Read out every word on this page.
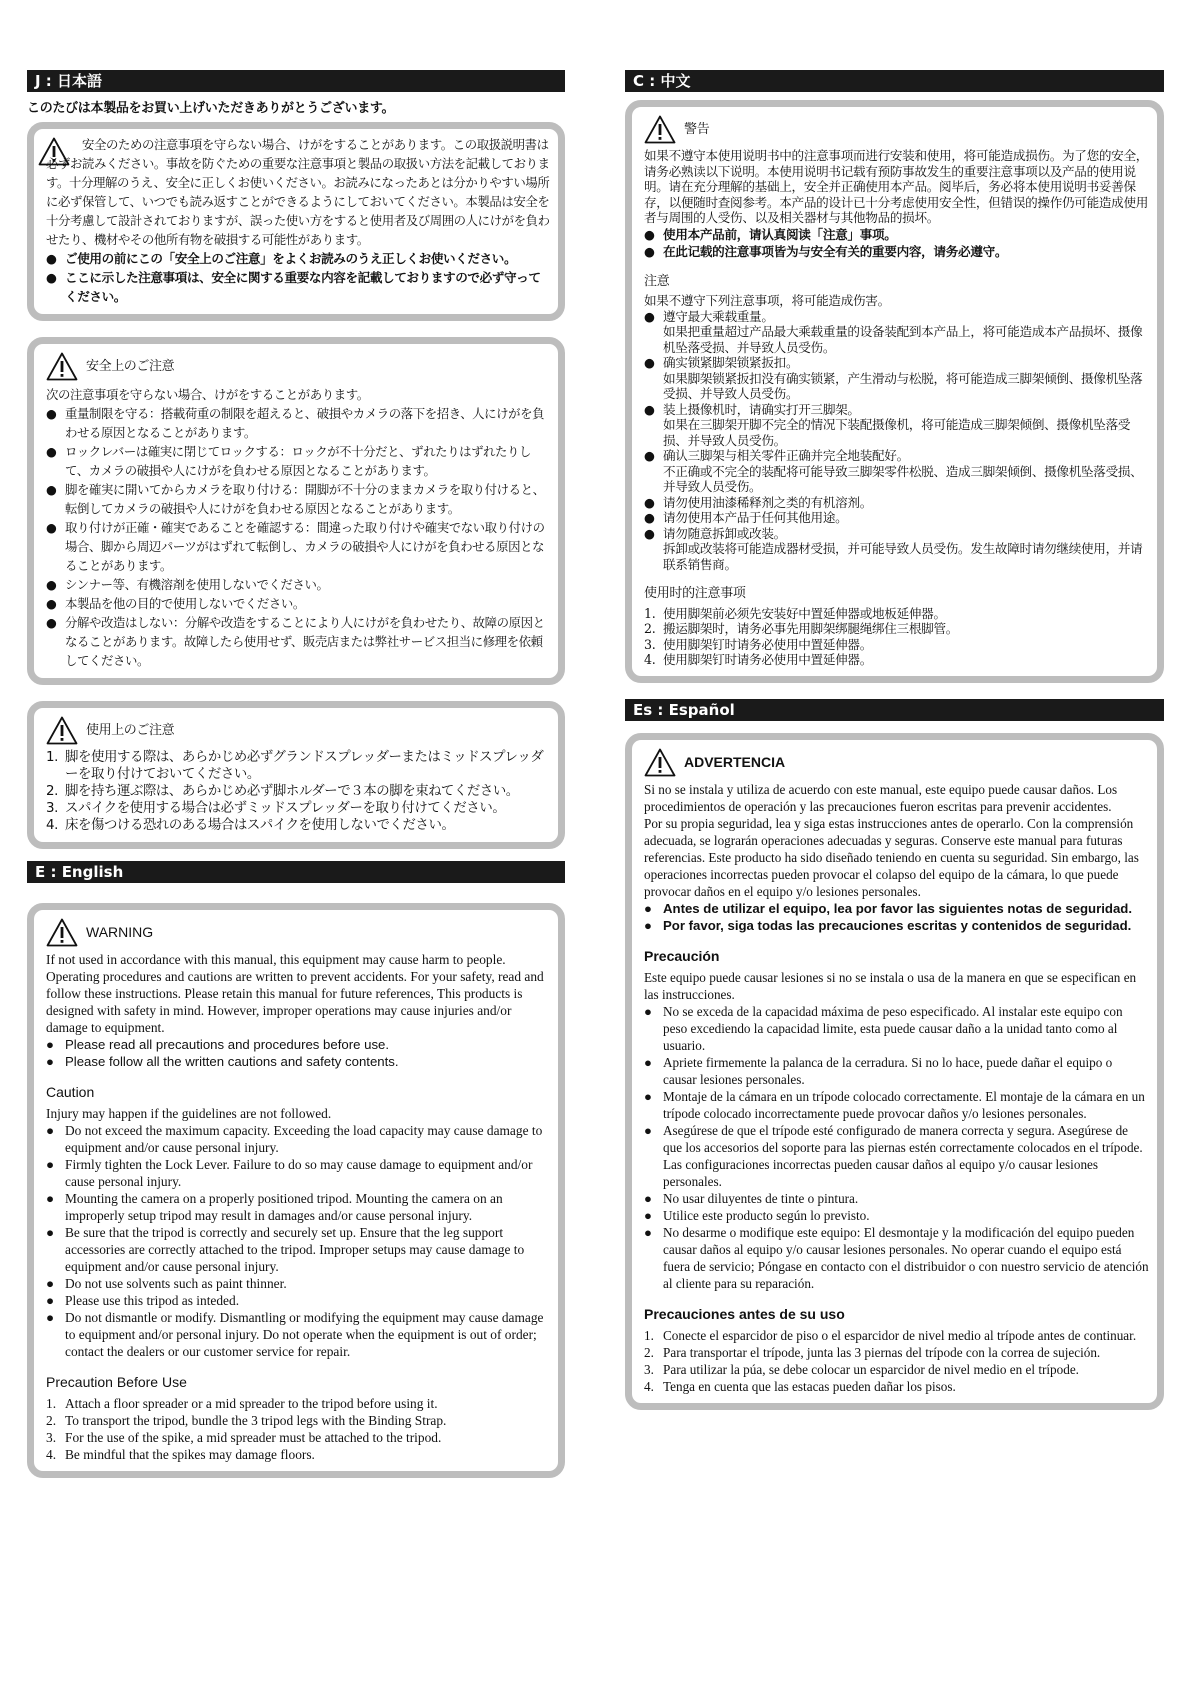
J : 日本語
このたびは本製品をお買い上げいただきありがとうございます。

安全のための注意事項を守らない場合、けがをすることがあります。この取扱説明書は必ずお読みください。事故を防ぐための重要な注意事項と製品の取扱い方法を記載しております。十分理解のうえ、安全に正しくお使いください。お読みになったあとは分かりやすい場所に必ず保管して、いつでも読み返すことができるようにしておいてください。本製品は安全を十分考慮して設計されておりますが、誤った使い方をすると使用者及び周囲の人にけがを負わせたり、機材やその他所有物を破損する可能性があります。

● ご使用の前にこの「安全上のご注意」をよくお読みのうえ正しくお使いください。
● ここに示した注意事項は、安全に関する重要な内容を記載しておりますので必ず守ってください。
安全上のご注意

次の注意事項を守らない場合、けがをすることがあります。

● 重量制限を守る：搭載荷重の制限を超えると、破損やカメラの落下を招き、人にけがを負わせる原因となることがあります。
● ロックレバーは確実に閉じてロックする：ロックが不十分だと、ずれたりはずれたりして、カメラの破損や人にけがを負わせる原因となることがあります。
● 脚を確実に開いてからカメラを取り付ける：開脚が不十分のままカメラを取り付けると、転倒してカメラの破損や人にけがを負わせる原因となることがあります。
● 取り付けが正確・確実であることを確認する：間違った取り付けや確実でない取り付けの場合、脚から周辺パーツがはずれて転倒し、カメラの破損や人にけがを負わせる原因となることがあります。
● シンナー等、有機溶剤を使用しないでください。
● 本製品を他の目的で使用しないでください。
● 分解や改造はしない：分解や改造をすることにより人にけがを負わせたり、故障の原因となることがあります。故障したら使用せず、販売店または弊社サービス担当に修理を依頼してください。
使用上のご注意
1. 脚を使用する際は、あらかじめ必ずグランドスプレッダーまたはミッドスプレッダーを取り付けておいてください。
2. 脚を持ち運ぶ際は、あらかじめ必ず脚ホルダーで３本の脚を束ねてください。
3. スパイクを使用する場合は必ずミッドスプレッダーを取り付けてください。
4. 床を傷つける恐れのある場合はスパイクを使用しないでください。
E : English
WARNING

If not used in accordance with this manual, this equipment may cause harm to people. Operating procedures and cautions are written to prevent accidents. For your safety, read and follow these instructions. Please retain this manual for future references, This products is designed with safety in mind. However, improper operations may cause injuries and/or damage to equipment.

● Please read all precautions and procedures before use.
● Please follow all the written cautions and safety contents.
Caution

Injury may happen if the guidelines are not followed.

● Do not exceed the maximum capacity. Exceeding the load capacity may cause damage to equipment and/or cause personal injury.
● Firmly tighten the Lock Lever. Failure to do so may cause damage to equipment and/or cause personal injury.
● Mounting the camera on a properly positioned tripod. Mounting the camera on an improperly setup tripod may result in damages and/or cause personal injury.
● Be sure that the tripod is correctly and securely set up. Ensure that the leg support accessories are correctly attached to the tripod. Improper setups may cause damage to equipment and/or cause personal injury.
● Do not use solvents such as paint thinner.
● Please use this tripod as inteded.
● Do not dismantle or modify. Dismantling or modifying the equipment may cause damage to equipment and/or personal injury. Do not operate when the equipment is out of order; contact the dealers or our customer service for repair.
Precaution Before Use
1. Attach a floor spreader or a mid spreader to the tripod before using it.
2. To transport the tripod, bundle the 3 tripod legs with the Binding Strap.
3. For the use of the spike, a mid spreader must be attached to the tripod.
4. Be mindful that the spikes may damage floors.
C : 中文
警告

如果不遵守本使用说明书中的注意事项而进行安装和使用，将可能造成损伤。为了您的安全，请务必熟读以下说明。本使用说明书记载有预防事故发生的重要注意事项以及产品的使用说明。请在充分理解的基础上，安全并正确使用本产品。阅毕后，务必将本使用说明书妥善保存，以便随时查阅参考。本产品的设计已十分考虑使用安全性，但错误的操作仍可能造成使用者与周围的人受伤、以及相关器材与其他物品的损坏。

● 使用本产品前，请认真阅读「注意」事项。
● 在此记载的注意事项皆为与安全有关的重要内容，请务必遵守。
注意

如果不遵守下列注意事项，将可能造成伤害。

● 遵守最大乘载重量。
如果把重量超过产品最大乘载重量的设备装配到本产品上，将可能造成本产品损坏、摄像机坠落受损、并导致人员受伤。
● 确实锁紧脚架锁紧扳扣。
如果脚架锁紧扳扣没有确实锁紧，产生滑动与松脱，将可能造成三脚架倾倒、摄像机坠落受损、并导致人员受伤。
● 装上摄像机时，请确实打开三脚架。
如果在三脚架开脚不完全的情况下装配摄像机，将可能造成三脚架倾倒、摄像机坠落受损、并导致人员受伤。
● 确认三脚架与相关零件正确并完全地装配好。
不正确或不完全的装配将可能导致三脚架零件松脱、造成三脚架倾倒、摄像机坠落受损、并导致人员受伤。
● 请勿使用油漆稀释剂之类的有机溶剂。
● 请勿使用本产品于任何其他用途。
● 请勿随意拆卸或改装。
拆卸或改装将可能造成器材受损，并可能导致人员受伤。发生故障时请勿继续使用，并请联系销售商。
使用时的注意事项
1. 使用脚架前必须先安装好中置延伸器或地板延伸器。
2. 搬运脚架时，请务必事先用脚架绑腿绳绑住三根脚管。
3. 使用脚架钉时请务必使用中置延伸器。
4. 使用脚架钉时请务必使用中置延伸器。
Es : Español
ADVERTENCIA

Si no se instala y utiliza de acuerdo con este manual, este equipo puede causar daños. Los procedimientos de operación y las precauciones fueron escritas para prevenir accidentes.

Por su propia seguridad, lea y siga estas instrucciones antes de operarlo. Con la comprensión adecuada, se lograrán operaciones adecuadas y seguras. Conserve este manual para futuras referencias. Este producto ha sido diseñado teniendo en cuenta su seguridad. Sin embargo, las operaciones incorrectas pueden provocar el colapso del equipo de la cámara, lo que puede provocar daños en el equipo y/o lesiones personales.

● Antes de utilizar el equipo, lea por favor las siguientes notas de seguridad.
● Por favor, siga todas las precauciones escritas y contenidos de seguridad.
Precaución

Este equipo puede causar lesiones si no se instala o usa de la manera en que se especifican en las instrucciones.

● No se exceda de la capacidad máxima de peso especificado. Al instalar este equipo con peso excediendo la capacidad limite, esta puede causar daño a la unidad tanto como al usuario.
● Apriete firmemente la palanca de la cerradura. Si no lo hace, puede dañar el equipo o causar lesiones personales.
● Montaje de la cámara en un trípode colocado correctamente. El montaje de la cámara en un trípode colocado incorrectamente puede provocar daños y/o lesiones personales.
● Asegúrese de que el trípode esté configurado de manera correcta y segura. Asegúrese de que los accesorios del soporte para las piernas estén correctamente colocados en el trípode. Las configuraciones incorrectas pueden causar daños al equipo y/o causar lesiones personales.
● No usar diluyentes de tinte o pintura.
● Utilice este producto según lo previsto.
● No desarme o modifique este equipo: El desmontaje y la modificación del equipo pueden causar daños al equipo y/o causar lesiones personales. No operar cuando el equipo está fuera de servicio; Póngase en contacto con el distribuidor o con nuestro servicio de atención al cliente para su reparación.
Precauciones antes de su uso
1. Conecte el esparcidor de piso o el esparcidor de nivel medio al trípode antes de continuar.
2. Para transportar el trípode, junta las 3 piernas del trípode con la correa de sujeción.
3. Para utilizar la púa, se debe colocar un esparcidor de nivel medio en el trípode.
4. Tenga en cuenta que las estacas pueden dañar los pisos.
